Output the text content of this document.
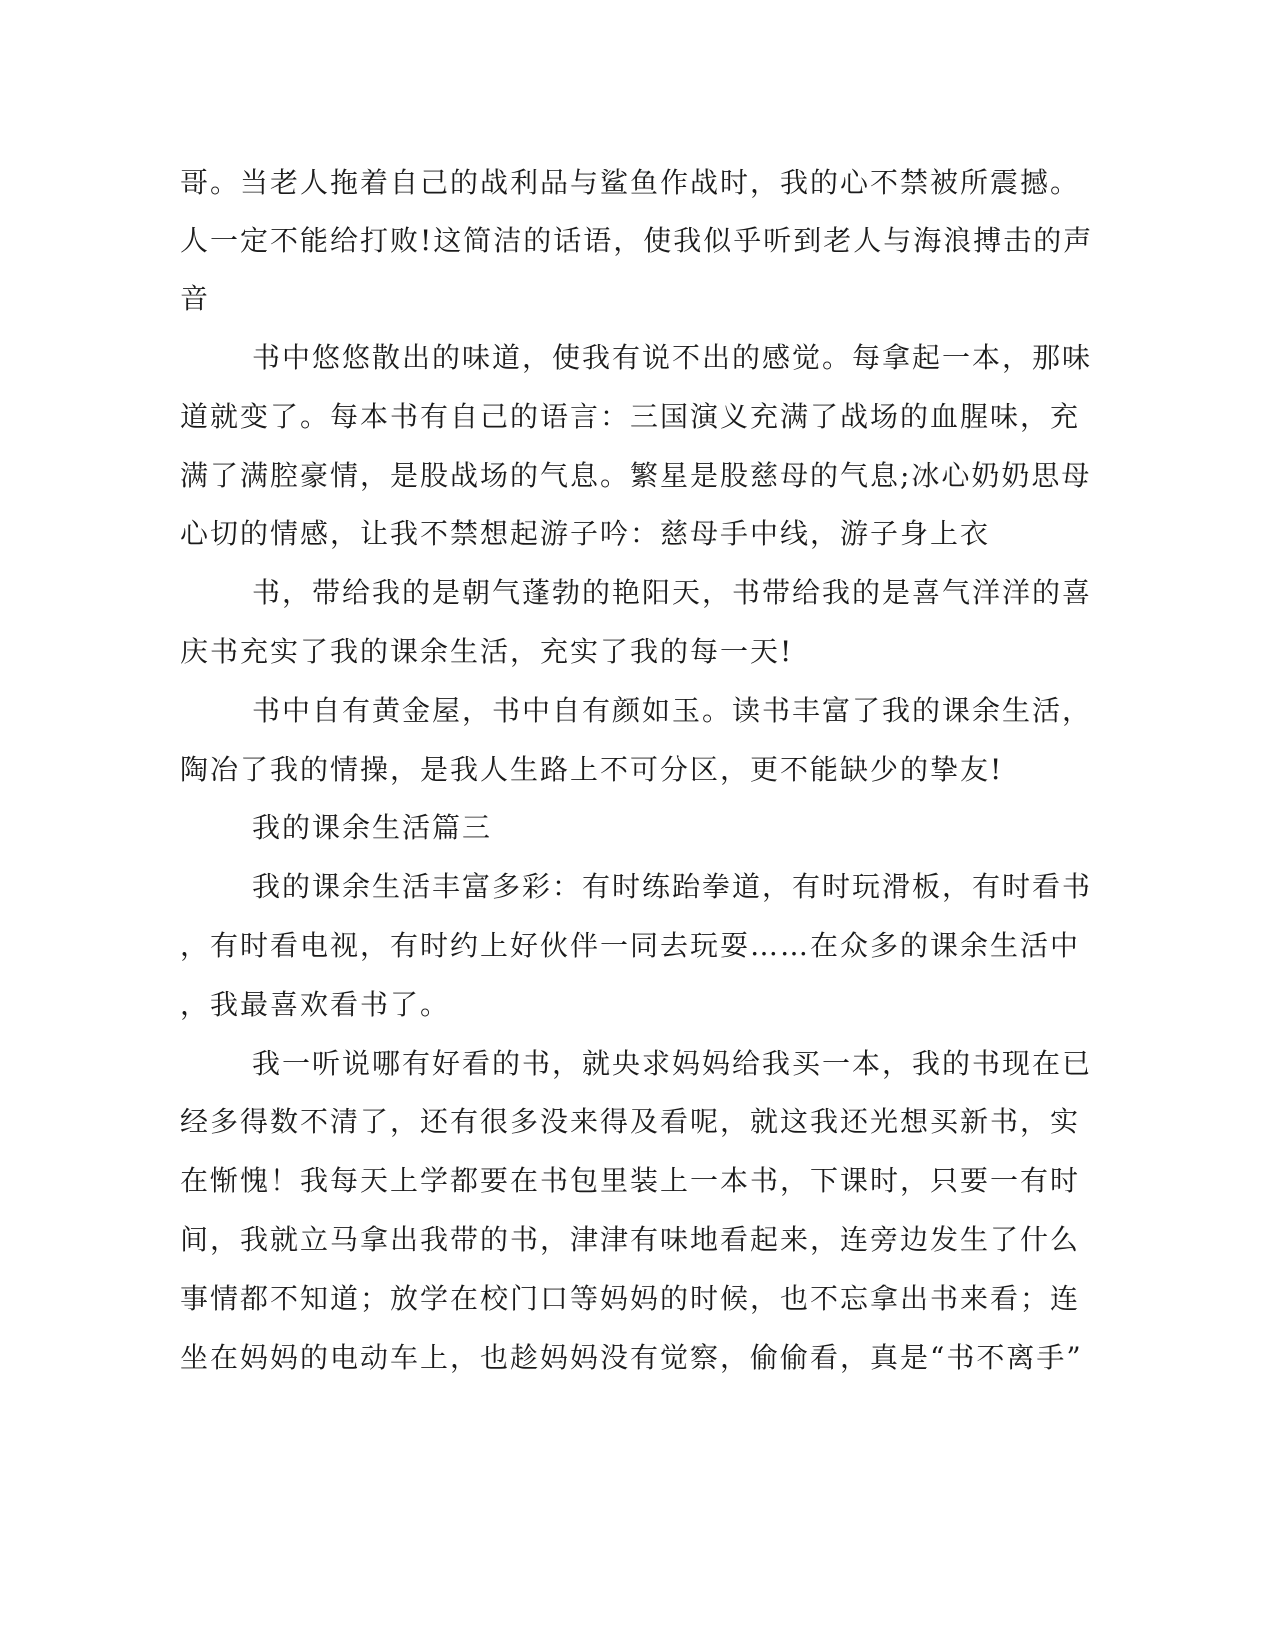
哥。当老人拖着自己的战利品与鲨鱼作战时，我的心不禁被所震撼。

人一定不能给打败!这简洁的话语，使我似乎听到老人与海浪搏击的声

音

书中悠悠散出的味道，使我有说不出的感觉。每拿起一本，那味

道就变了。每本书有自己的语言：三国演义充满了战场的血腥味，充

满了满腔豪情，是股战场的气息。繁星是股慈母的气息;冰心奶奶思母

心切的情感，让我不禁想起游子吟：慈母手中线，游子身上衣

书，带给我的是朝气蓬勃的艳阳天，书带给我的是喜气洋洋的喜

庆书充实了我的课余生活，充实了我的每一天!

书中自有黄金屋，书中自有颜如玉。读书丰富了我的课余生活，

陶冶了我的情操，是我人生路上不可分区，更不能缺少的挚友!

我的课余生活篇三

我的课余生活丰富多彩：有时练跆拳道，有时玩滑板，有时看书

，有时看电视，有时约上好伙伴一同去玩耍……在众多的课余生活中

，我最喜欢看书了。

我一听说哪有好看的书，就央求妈妈给我买一本，我的书现在已

经多得数不清了，还有很多没来得及看呢，就这我还光想买新书，实

在惭愧！我每天上学都要在书包里装上一本书，下课时，只要一有时

间，我就立马拿出我带的书，津津有味地看起来，连旁边发生了什么

事情都不知道；放学在校门口等妈妈的时候，也不忘拿出书来看；连

坐在妈妈的电动车上，也趁妈妈没有觉察，偷偷看，真是“书不离手”
